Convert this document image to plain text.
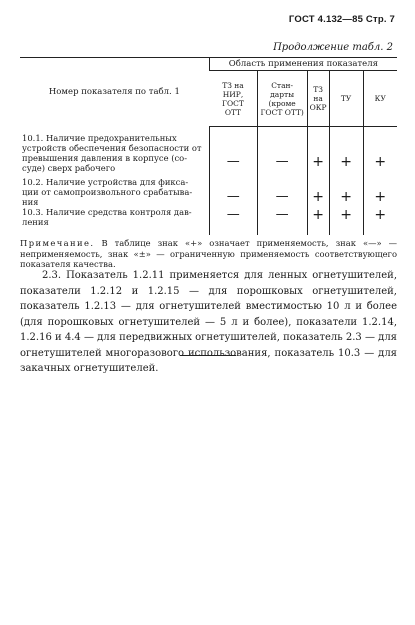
ГОСТ 4.132—85 Стр. 7
Продолжение табл. 2
Номер показателя по табл. 1	Область применения показателя				
	ТЗ на
НИР,
ГОСТ
ОТТ	Стан-
дарты
(кроме
ГОСТ ОТТ)	ТЗ
на
ОКР	ТУ	КУ
10.1. Наличие предохранительных
устройств обеспечения безопасности от
превышения давления в корпусе (со-
суде) сверх рабочего	—	—	+	+	+
10.2. Наличие устройства для фикса-
ции от самопроизвольного срабатыва-
ния	—	—	+	+	+
10.3. Наличие средства контроля дав-
ления	—	—	+	+	+
Примечание. В таблице знак «+» означает применяемость, знак «—» — неприменяемость, знак «±» — ограниченную применяемость соответствующего показателя качества.
2.3. Показатель 1.2.11 применяется для ленных огнетушителей, показатели 1.2.12 и 1.2.15 — для порошковых огнетушителей, показатель 1.2.13 — для огнетушителей вместимостью 10 л и более (для порошковых огнетушителей — 5 л и более), показатели 1.2.14, 1.2.16 и 4.4 — для передвижных огнетушителей, показатель 2.3 — для огнетушителей многоразового использования, показатель 10.3 — для закачных огнетушителей.
